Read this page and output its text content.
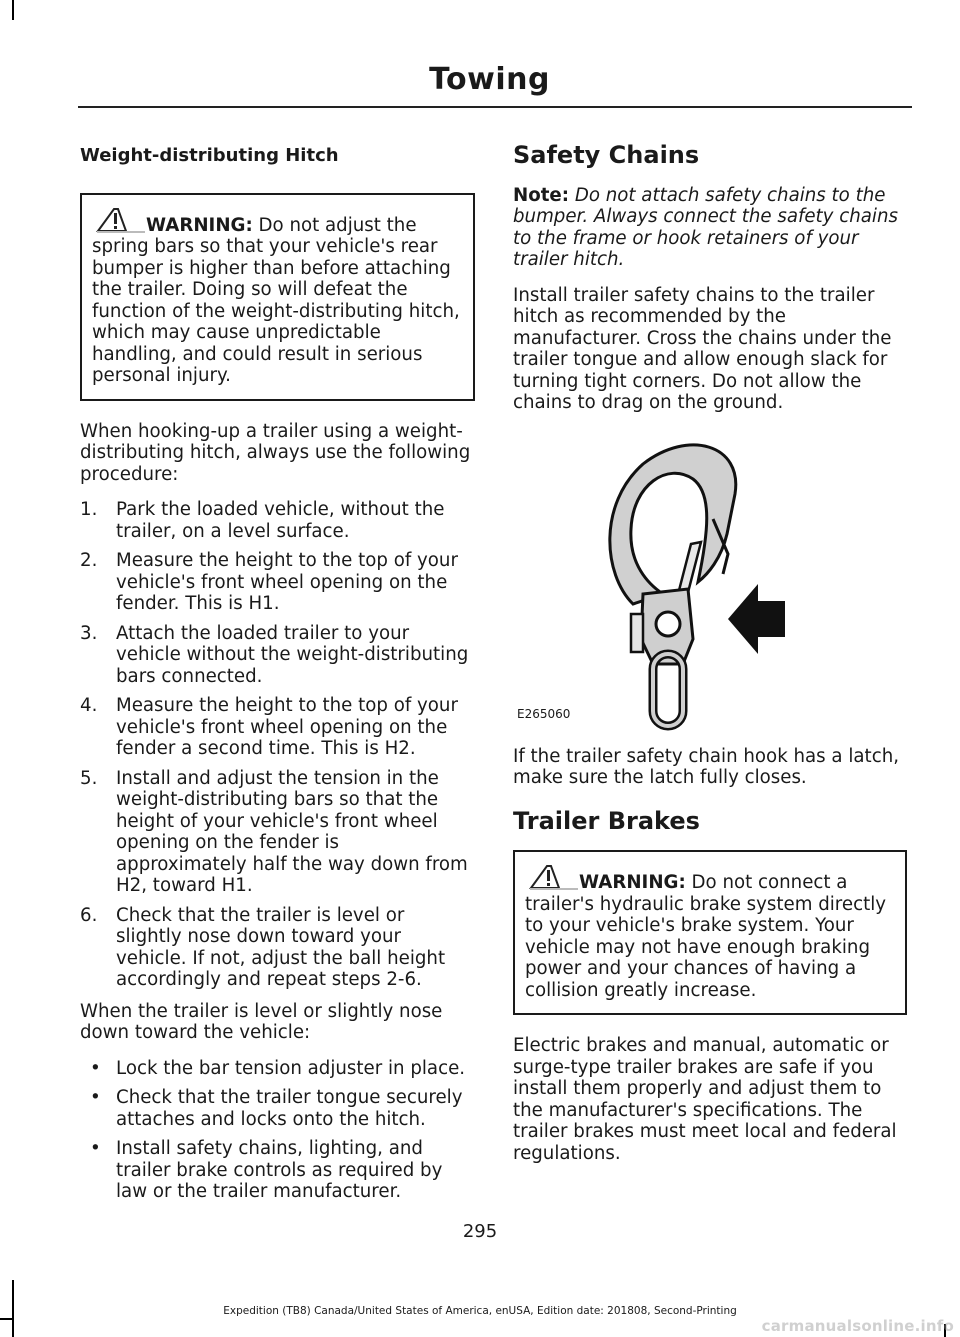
Towing
Weight-distributing Hitch
WARNING: Do not adjust the spring bars so that your vehicle's rear bumper is higher than before attaching the trailer. Doing so will defeat the function of the weight-distributing hitch, which may cause unpredictable handling, and could result in serious personal injury.

When hooking-up a trailer using a weight-distributing hitch, always use the following procedure:

1. Park the loaded vehicle, without the trailer, on a level surface.
2. Measure the height to the top of your vehicle's front wheel opening on the fender. This is H1.
3. Attach the loaded trailer to your vehicle without the weight-distributing bars connected.
4. Measure the height to the top of your vehicle's front wheel opening on the fender a second time. This is H2.
5. Install and adjust the tension in the weight-distributing bars so that the height of your vehicle's front wheel opening on the fender is approximately half the way down from H2, toward H1.
6. Check that the trailer is level or slightly nose down toward your vehicle. If not, adjust the ball height accordingly and repeat steps 2-6.

When the trailer is level or slightly nose down toward the vehicle:

• Lock the bar tension adjuster in place.
• Check that the trailer tongue securely attaches and locks onto the hitch.
• Install safety chains, lighting, and trailer brake controls as required by law or the trailer manufacturer.
Safety Chains

Note: Do not attach safety chains to the bumper. Always connect the safety chains to the frame or hook retainers of your trailer hitch.

Install trailer safety chains to the trailer hitch as recommended by the manufacturer. Cross the chains under the trailer tongue and allow enough slack for turning tight corners. Do not allow the chains to drag on the ground.

E265060

If the trailer safety chain hook has a latch, make sure the latch fully closes.

Trailer Brakes
WARNING: Do not connect a trailer's hydraulic brake system directly to your vehicle's brake system. Your vehicle may not have enough braking power and your chances of having a collision greatly increase.

Electric brakes and manual, automatic or surge-type trailer brakes are safe if you install them properly and adjust them to the manufacturer's specifications. The trailer brakes must meet local and federal regulations.

295
Expedition (TB8) Canada/United States of America, enUSA, Edition date: 201808, Second-Printing
carmanualsonline.info
